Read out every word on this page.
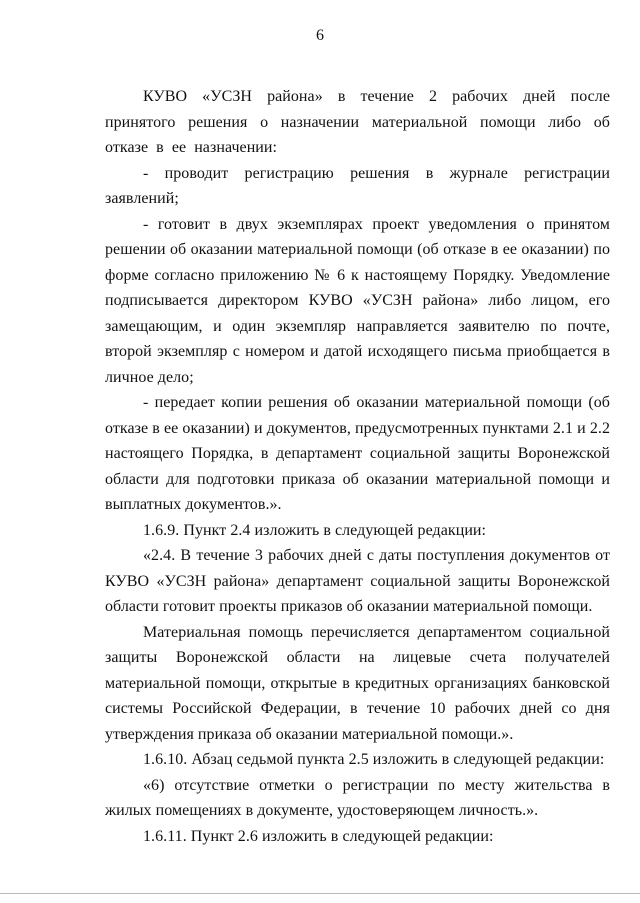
6

КУВО «УСЗН района» в течение 2 рабочих дней после принятого решения о назначении материальной помощи либо об отказе в ее назначении:

- проводит регистрацию решения в журнале регистрации заявлений;

- готовит в двух экземплярах проект уведомления о принятом решении об оказании материальной помощи (об отказе в ее оказании) по форме согласно приложению № 6 к настоящему Порядку. Уведомление подписывается директором КУВО «УСЗН района» либо лицом, его замещающим, и один экземпляр направляется заявителю по почте, второй экземпляр с номером и датой исходящего письма приобщается в личное дело;

- передает копии решения об оказании материальной помощи (об отказе в ее оказании) и документов, предусмотренных пунктами 2.1 и 2.2 настоящего Порядка, в департамент социальной защиты Воронежской области для подготовки приказа об оказании материальной помощи и выплатных документов.».

1.6.9. Пункт 2.4 изложить в следующей редакции:

«2.4. В течение 3 рабочих дней с даты поступления документов от КУВО «УСЗН района» департамент социальной защиты Воронежской области готовит проекты приказов об оказании материальной помощи.

Материальная помощь перечисляется департаментом социальной защиты Воронежской области на лицевые счета получателей материальной помощи, открытые в кредитных организациях банковской системы Российской Федерации, в течение 10 рабочих дней со дня утверждения приказа об оказании материальной помощи.».

1.6.10. Абзац седьмой пункта 2.5 изложить в следующей редакции:

«6) отсутствие отметки о регистрации по месту жительства в жилых помещениях в документе, удостоверяющем личность.».

1.6.11. Пункт 2.6 изложить в следующей редакции:
